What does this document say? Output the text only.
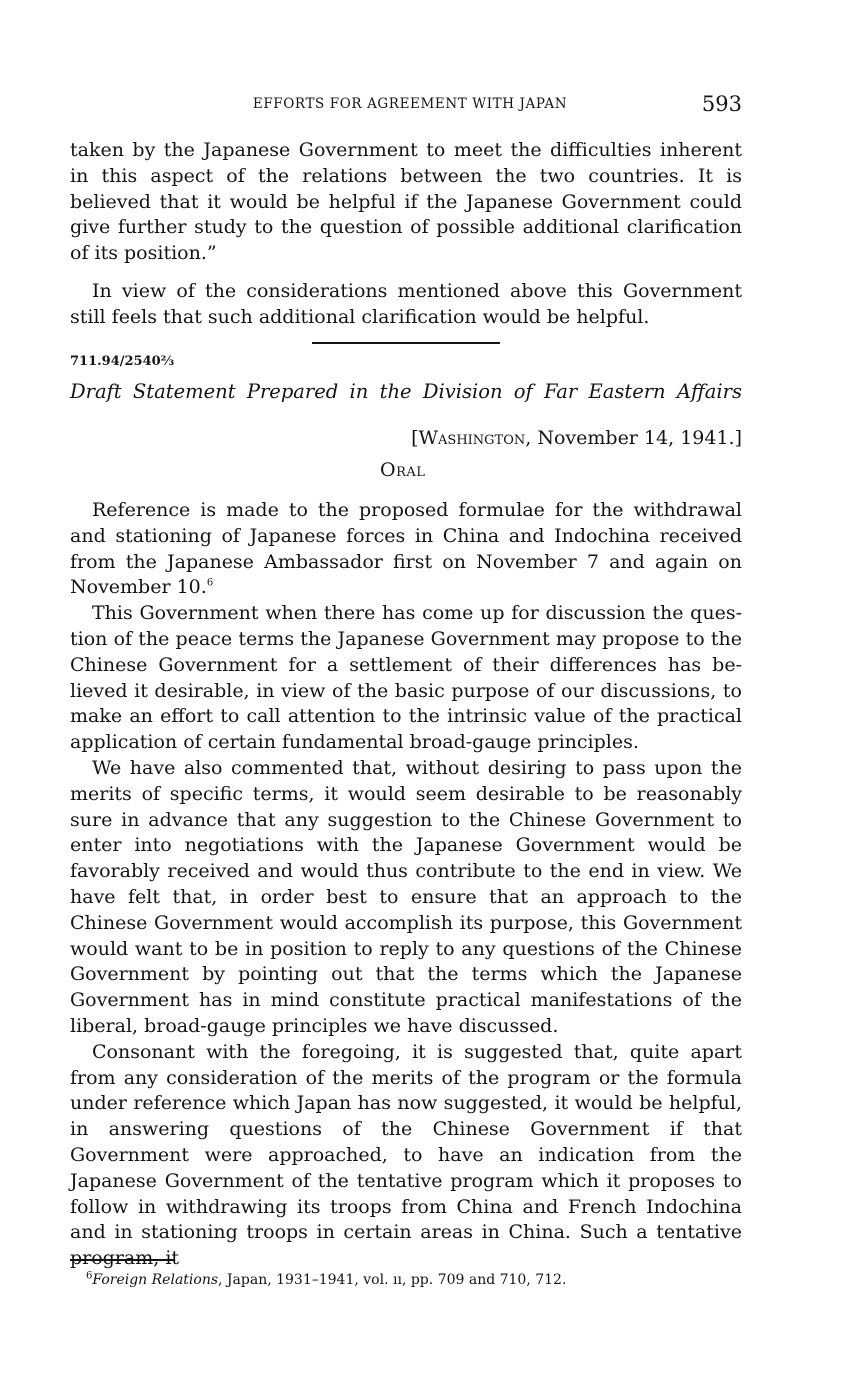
EFFORTS FOR AGREEMENT WITH JAPAN	593

taken by the Japanese Government to meet the difficulties inherent in this aspect of the relations between the two countries. It is believed that it would be helpful if the Japanese Government could give further study to the question of possible additional clarification of its position.”

In view of the considerations mentioned above this Government still feels that such additional clarification would be helpful.

711.94/2540⅔
Draft Statement Prepared in the Division of Far Eastern Affairs
[Washington, November 14, 1941.]
Oral

Reference is made to the proposed formulae for the withdrawal and stationing of Japanese forces in China and Indochina received from the Japanese Ambassador first on November 7 and again on November 10.$^6$

This Government when there has come up for discussion the question of the peace terms the Japanese Government may propose to the Chinese Government for a settlement of their differences has believed it desirable, in view of the basic purpose of our discussions, to make an effort to call attention to the intrinsic value of the practical application of certain fundamental broad-gauge principles.

We have also commented that, without desiring to pass upon the merits of specific terms, it would seem desirable to be reasonably sure in advance that any suggestion to the Chinese Government to enter into negotiations with the Japanese Government would be favorably received and would thus contribute to the end in view. We have felt that, in order best to ensure that an approach to the Chinese Government would accomplish its purpose, this Government would want to be in position to reply to any questions of the Chinese Government by pointing out that the terms which the Japanese Government has in mind constitute practical manifestations of the liberal, broad-gauge principles we have discussed.

Consonant with the foregoing, it is suggested that, quite apart from any consideration of the merits of the program or the formula under reference which Japan has now suggested, it would be helpful, in answering questions of the Chinese Government if that Government were approached, to have an indication from the Japanese Government of the tentative program which it proposes to follow in withdrawing its troops from China and French Indochina and in stationing troops in certain areas in China. Such a tentative program, it

$^6$Foreign Relations, Japan, 1931–1941, vol. ıı, pp. 709 and 710, 712.
